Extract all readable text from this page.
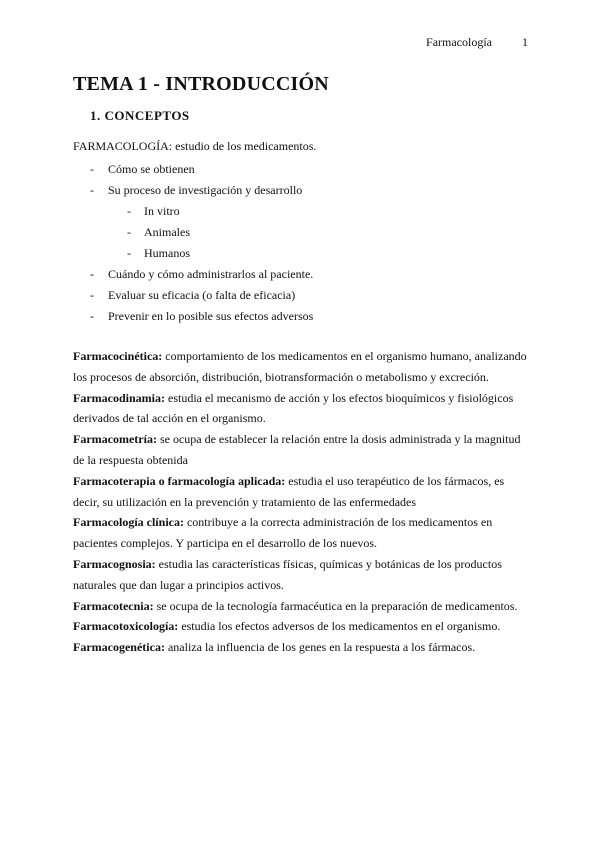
Farmacología	1
TEMA 1 - INTRODUCCIÓN
1. CONCEPTOS
FARMACOLOGÍA: estudio de los medicamentos.
- Cómo se obtienen
- Su proceso de investigación y desarrollo
- In vitro
- Animales
- Humanos
- Cuándo y cómo administrarlos al paciente.
- Evaluar su eficacia (o falta de eficacia)
- Prevenir en lo posible sus efectos adversos

Farmacocinética: comportamiento de los medicamentos en el organismo humano, analizando los procesos de absorción, distribución, biotransformación o metabolismo y excreción.

Farmacodinamia: estudia el mecanismo de acción y los efectos bioquímicos y fisiológicos derivados de tal acción en el organismo.

Farmacometría: se ocupa de establecer la relación entre la dosis administrada y la magnitud de la respuesta obtenida

Farmacoterapia o farmacología aplicada: estudia el uso terapéutico de los fármacos, es decir, su utilización en la prevención y tratamiento de las enfermedades

Farmacología clínica: contribuye a la correcta administración de los medicamentos en pacientes complejos. Y participa en el desarrollo de los nuevos.

Farmacognosia: estudia las características físicas, químicas y botánicas de los productos naturales que dan lugar a principios activos.

Farmacotecnia: se ocupa de la tecnología farmacéutica en la preparación de medicamentos.

Farmacotoxicología: estudia los efectos adversos de los medicamentos en el organismo.

Farmacogenética: analiza la influencia de los genes en la respuesta a los fármacos.
